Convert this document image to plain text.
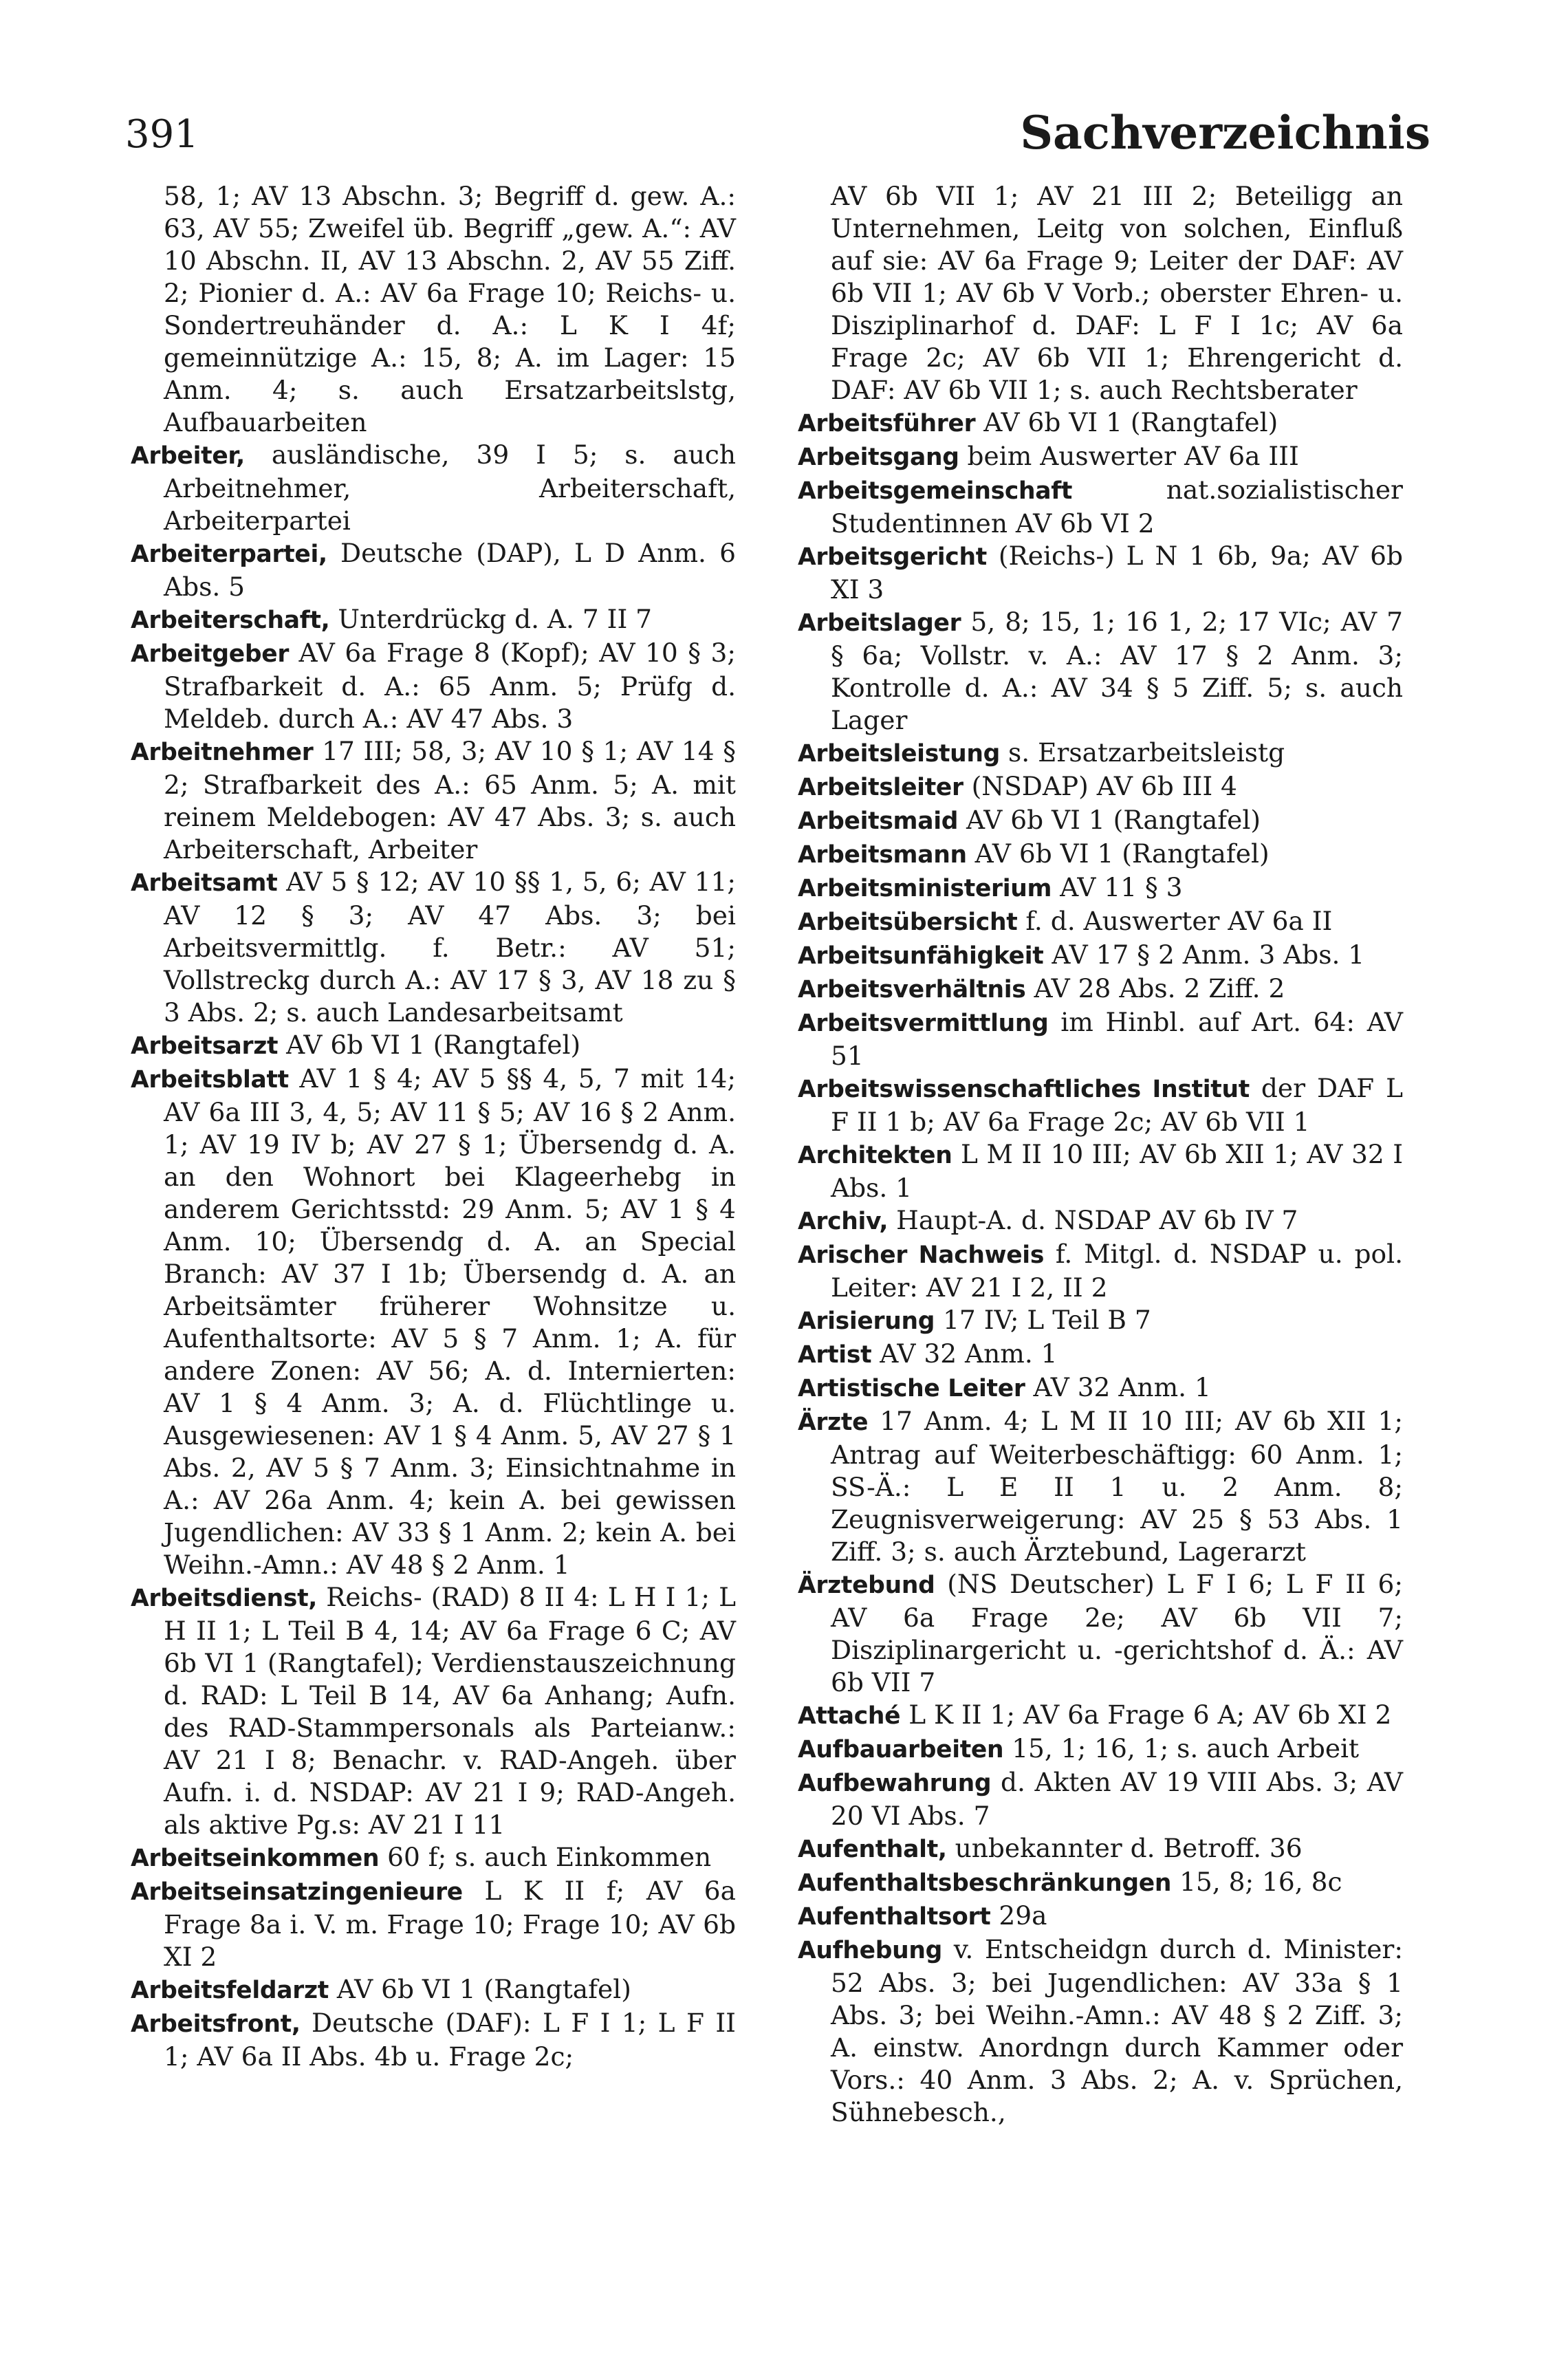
391	Sachverzeichnis

58, 1; AV 13 Abschn. 3; Begriff d. gew. A.: 63, AV 55; Zweifel üb. Begriff „gew. A.“: AV 10 Abschn. II, AV 13 Abschn. 2, AV 55 Ziff. 2; Pionier d. A.: AV 6a Frage 10; Reichs- u. Sondertreuhänder d. A.: L K I 4f; gemeinnützige A.: 15, 8; A. im Lager: 15 Anm. 4; s. auch Ersatzarbeitslstg, Aufbauarbeiten

Arbeiter, ausländische, 39 I 5; s. auch Arbeitnehmer, Arbeiterschaft, Arbeiterpartei

Arbeiterpartei, Deutsche (DAP), L D Anm. 6 Abs. 5

Arbeiterschaft, Unterdrückg d. A. 7 II 7

Arbeitgeber AV 6a Frage 8 (Kopf); AV 10 § 3; Strafbarkeit d. A.: 65 Anm. 5; Prüfg d. Meldeb. durch A.: AV 47 Abs. 3

Arbeitnehmer 17 III; 58, 3; AV 10 § 1; AV 14 § 2; Strafbarkeit des A.: 65 Anm. 5; A. mit reinem Meldebogen: AV 47 Abs. 3; s. auch Arbeiterschaft, Arbeiter

Arbeitsamt AV 5 § 12; AV 10 §§ 1, 5, 6; AV 11; AV 12 § 3; AV 47 Abs. 3; bei Arbeitsvermittlg. f. Betr.: AV 51; Vollstreckg durch A.: AV 17 § 3, AV 18 zu § 3 Abs. 2; s. auch Landesarbeitsamt

Arbeitsarzt AV 6b VI 1 (Rangtafel)

Arbeitsblatt AV 1 § 4; AV 5 §§ 4, 5, 7 mit 14; AV 6a III 3, 4, 5; AV 11 § 5; AV 16 § 2 Anm. 1; AV 19 IV b; AV 27 § 1; Übersendg d. A. an den Wohnort bei Klageerhebg in anderem Gerichtsstd: 29 Anm. 5; AV 1 § 4 Anm. 10; Übersendg d. A. an Special Branch: AV 37 I 1b; Übersendg d. A. an Arbeitsämter früherer Wohnsitze u. Aufenthaltsorte: AV 5 § 7 Anm. 1; A. für andere Zonen: AV 56; A. d. Internierten: AV 1 § 4 Anm. 3; A. d. Flüchtlinge u. Ausgewiesenen: AV 1 § 4 Anm. 5, AV 27 § 1 Abs. 2, AV 5 § 7 Anm. 3; Einsichtnahme in A.: AV 26a Anm. 4; kein A. bei gewissen Jugendlichen: AV 33 § 1 Anm. 2; kein A. bei Weihn.-Amn.: AV 48 § 2 Anm. 1

Arbeitsdienst, Reichs- (RAD) 8 II 4: L H I 1; L H II 1; L Teil B 4, 14; AV 6a Frage 6 C; AV 6b VI 1 (Rangtafel); Verdienstauszeichnung d. RAD: L Teil B 14, AV 6a Anhang; Aufn. des RAD-Stammpersonals als Parteianw.: AV 21 I 8; Benachr. v. RAD-Angeh. über Aufn. i. d. NSDAP: AV 21 I 9; RAD-Angeh. als aktive Pg.s: AV 21 I 11

Arbeitseinkommen 60 f; s. auch Einkommen

Arbeitseinsatzingenieure L K II f; AV 6a Frage 8a i. V. m. Frage 10; Frage 10; AV 6b XI 2

Arbeitsfeldarzt AV 6b VI 1 (Rangtafel)

Arbeitsfront, Deutsche (DAF): L F I 1; L F II 1; AV 6a II Abs. 4b u. Frage 2c;

AV 6b VII 1; AV 21 III 2; Beteiligg an Unternehmen, Leitg von solchen, Einfluß auf sie: AV 6a Frage 9; Leiter der DAF: AV 6b VII 1; AV 6b V Vorb.; oberster Ehren- u. Disziplinarhof d. DAF: L F I 1c; AV 6a Frage 2c; AV 6b VII 1; Ehrengericht d. DAF: AV 6b VII 1; s. auch Rechtsberater

Arbeitsführer AV 6b VI 1 (Rangtafel)

Arbeitsgang beim Auswerter AV 6a III

Arbeitsgemeinschaft	nat.sozialistischer Studentinnen AV 6b VI 2

Arbeitsgericht (Reichs-) L N 1 6b, 9a; AV 6b XI 3

Arbeitslager 5, 8; 15, 1; 16 1, 2; 17 VIc; AV 7 § 6a; Vollstr. v. A.: AV 17 § 2 Anm. 3; Kontrolle d. A.: AV 34 § 5 Ziff. 5; s. auch Lager

Arbeitsleistung s. Ersatzarbeitsleistg

Arbeitsleiter (NSDAP) AV 6b III 4

Arbeitsmaid AV 6b VI 1 (Rangtafel)

Arbeitsmann AV 6b VI 1 (Rangtafel)

Arbeitsministerium AV 11 § 3

Arbeitsübersicht f. d. Auswerter AV 6a II

Arbeitsunfähigkeit AV 17 § 2 Anm. 3 Abs. 1

Arbeitsverhältnis AV 28 Abs. 2 Ziff. 2

Arbeitsvermittlung im Hinbl. auf Art. 64: AV 51

Arbeitswissenschaftliches Institut der DAF L F II 1 b; AV 6a Frage 2c; AV 6b VII 1

Architekten L M II 10 III; AV 6b XII 1; AV 32 I Abs. 1

Archiv, Haupt-A. d. NSDAP AV 6b IV 7

Arischer Nachweis f. Mitgl. d. NSDAP u. pol. Leiter: AV 21 I 2, II 2

Arisierung 17 IV; L Teil B 7

Artist AV 32 Anm. 1

Artistische Leiter AV 32 Anm. 1

Ärzte 17 Anm. 4; L M II 10 III; AV 6b XII 1; Antrag auf Weiterbeschäftigg: 60 Anm. 1; SS-Ä.: L E II 1 u. 2 Anm. 8; Zeugnisverweigerung: AV 25 § 53 Abs. 1 Ziff. 3; s. auch Ärztebund, Lagerarzt

Ärztebund (NS Deutscher) L F I 6; L F II 6; AV 6a Frage 2e; AV 6b VII 7; Disziplinargericht u. -gerichtshof d. Ä.: AV 6b VII 7

Attaché L K II 1; AV 6a Frage 6 A; AV 6b XI 2

Aufbauarbeiten 15, 1; 16, 1; s. auch Arbeit

Aufbewahrung d. Akten AV 19 VIII Abs. 3; AV 20 VI Abs. 7

Aufenthalt, unbekannter d. Betroff. 36

Aufenthaltsbeschränkungen 15, 8; 16, 8c

Aufenthaltsort 29a

Aufhebung v. Entscheidgn durch d. Minister: 52 Abs. 3; bei Jugendlichen: AV 33a § 1 Abs. 3; bei Weihn.-Amn.: AV 48 § 2 Ziff. 3; A. einstw. Anordngn durch Kammer oder Vors.: 40 Anm. 3 Abs. 2; A. v. Sprüchen, Sühnebesch.,
